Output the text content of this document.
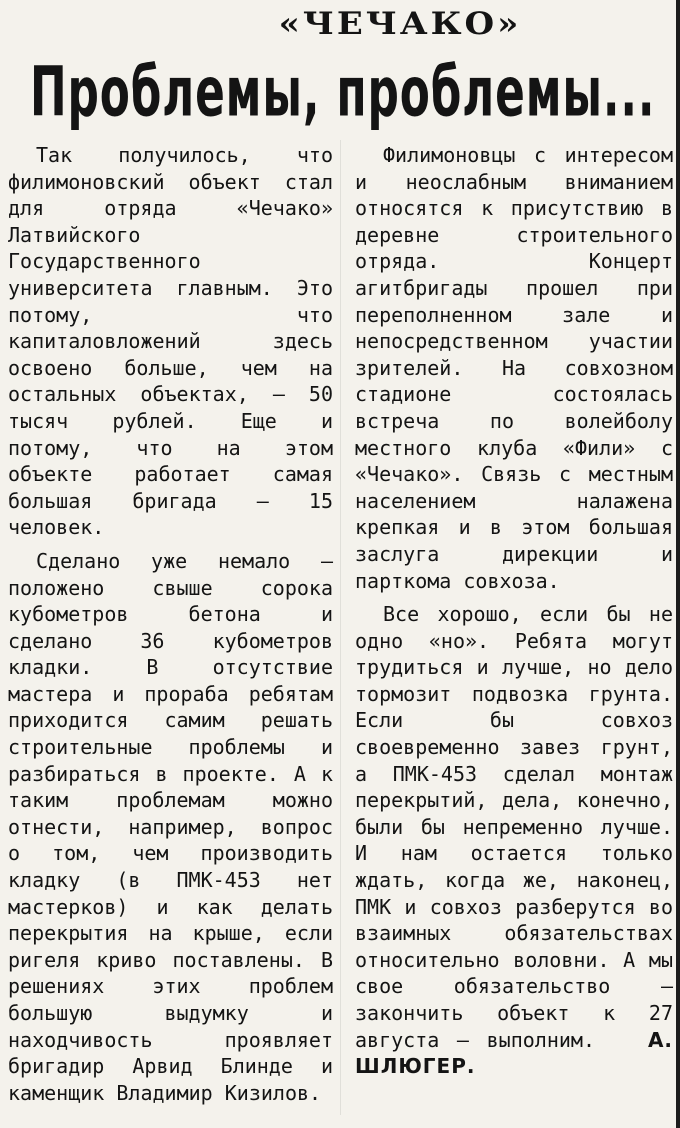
«ЧЕЧАКО»
Проблемы, проблемы...

Так получилось, что филимоновский объект стал для отряда «Чечако» Латвийского Государственного университета главным. Это потому, что капиталовложений здесь освоено больше, чем на остальных объектах, — 50 тысяч рублей. Еще и потому, что на этом объекте работает самая большая бригада — 15 человек.

Сделано уже немало — положено свыше сорока кубометров бетона и сделано 36 кубометров кладки. В отсутствие мастера и прораба ребятам приходится самим решать строительные проблемы и разбираться в проекте. А к таким проблемам можно отнести, например, вопрос о том, чем производить кладку (в ПМК-453 нет мастерков) и как делать перекрытия на крыше, если ригеля криво поставлены. В решениях этих проблем большую выдумку и находчивость проявляет бригадир Арвид Блинде и каменщик Владимир Кизилов.

Филимоновцы с интересом и неослабным вниманием относятся к присутствию в деревне строительного отряда. Концерт агитбригады прошел при переполненном зале и непосредственном участии зрителей. На совхозном стадионе состоялась встреча по волейболу местного клуба «Фили» с «Чечако». Связь с местным населением налажена крепкая и в этом большая заслуга дирекции и парткома совхоза.

Все хорошо, если бы не одно «но». Ребята могут трудиться и лучше, но дело тормозит подвозка грунта. Если бы совхоз своевременно завез грунт, а ПМК-453 сделал монтаж перекрытий, дела, конечно, были бы непременно лучше. И нам остается только ждать, когда же, наконец, ПМК и совхоз разберутся во взаимных обязательствах относительно воловни. А мы свое обязательство — закончить объект к 27 августа — выполним.	А. ШЛЮГЕР.
